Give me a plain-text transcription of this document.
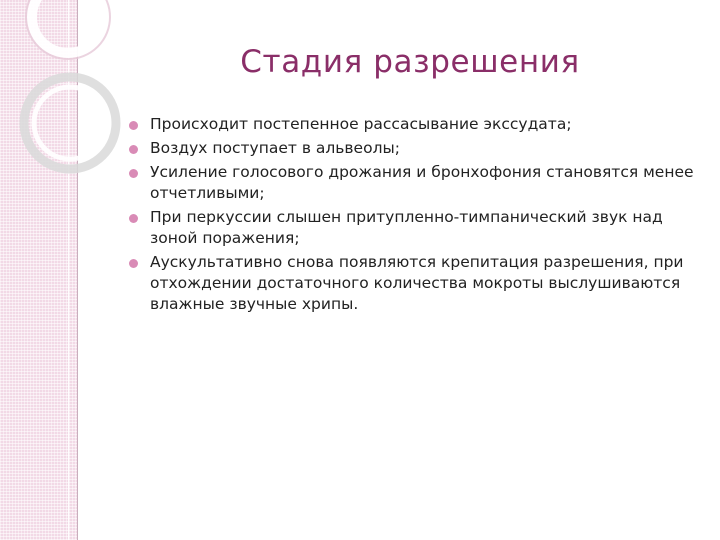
Стадия разрешения
Происходит постепенное рассасывание экссудата;
Воздух поступает в альвеолы;
Усиление голосового дрожания и бронхофония становятся менее отчетливыми;
При перкуссии слышен притупленно-тимпанический звук над зоной поражения;
Аускультативно снова появляются крепитация разрешения, при отхождении достаточного количества мокроты выслушиваются влажные звучные хрипы.
